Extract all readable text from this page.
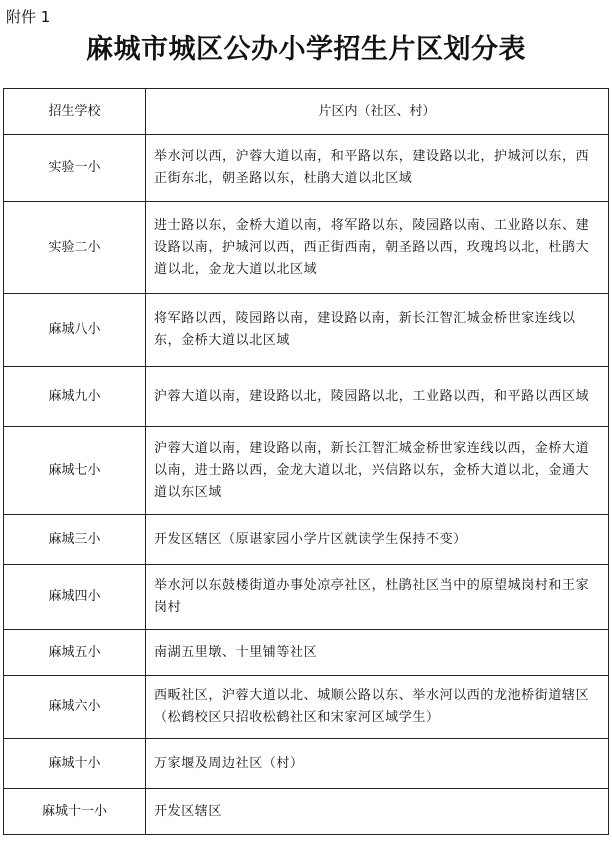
附件 1
麻城市城区公办小学招生片区划分表
招生学校	片区内（社区、村）
实验一小	举水河以西，沪蓉大道以南，和平路以东，建设路以北，护城河以东，西正街东北，朝圣路以东，杜鹃大道以北区域
实验二小	进士路以东，金桥大道以南，将军路以东，陵园路以南、工业路以东、建设路以南，护城河以西，西正街西南，朝圣路以西，玫瑰坞以北，杜鹃大道以北，金龙大道以北区域
麻城八小	将军路以西，陵园路以南，建设路以南，新长江智汇城金桥世家连线以东，金桥大道以北区域
麻城九小	沪蓉大道以南，建设路以北，陵园路以北，工业路以西，和平路以西区域
麻城七小	沪蓉大道以南，建设路以南，新长江智汇城金桥世家连线以西，金桥大道以南，进士路以西，金龙大道以北，兴信路以东，金桥大道以北，金通大道以东区域
麻城三小	开发区辖区（原谌家园小学片区就读学生保持不变）
麻城四小	举水河以东鼓楼街道办事处凉亭社区，杜鹃社区当中的原望城岗村和王家岗村
麻城五小	南湖五里墩、十里铺等社区
麻城六小	西畈社区，沪蓉大道以北、城顺公路以东、举水河以西的龙池桥街道辖区（松鹤校区只招收松鹤社区和宋家河区域学生）
麻城十小	万家堰及周边社区（村）
麻城十一小	开发区辖区
